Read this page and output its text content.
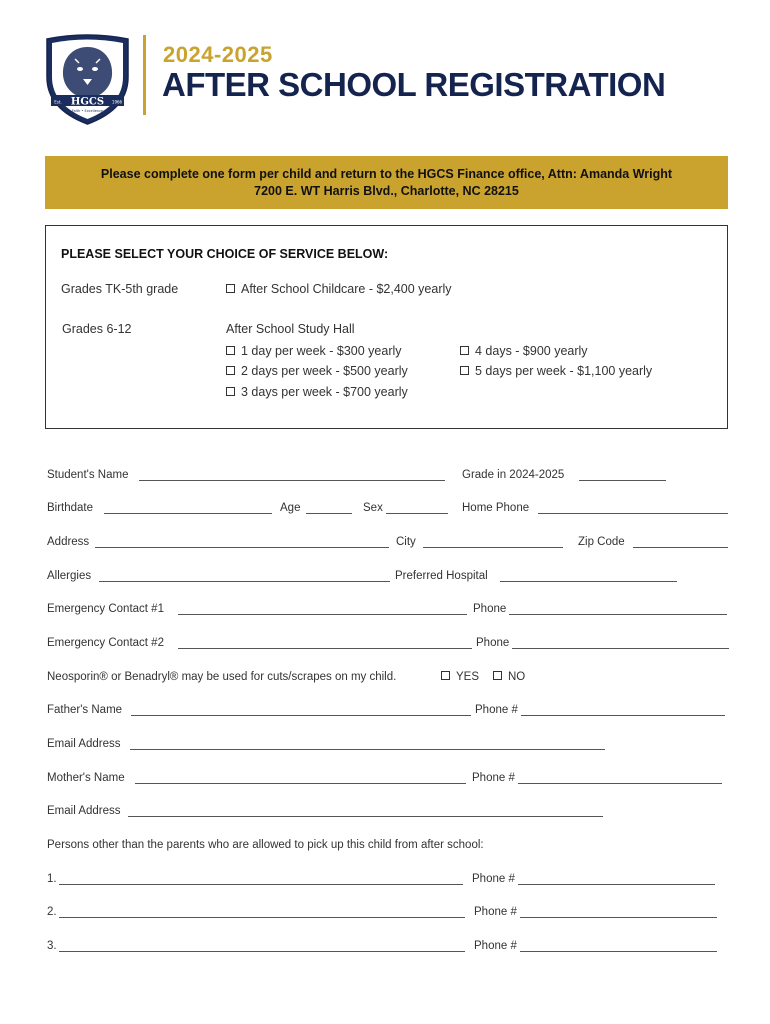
HGCS
Est.	1966
Faith • Excellence
2024-2025
AFTER SCHOOL REGISTRATION
Please complete one form per child and return to the HGCS Finance office, Attn: Amanda Wright
7200 E. WT Harris Blvd., Charlotte, NC 28215
PLEASE SELECT YOUR CHOICE OF SERVICE BELOW:
Grades TK-5th grade	After School Childcare - $2,400 yearly
Grades 6-12	After School Study Hall
1 day per week - $300 yearly
2 days per week - $500 yearly
3 days per week - $700 yearly
4 days - $900 yearly
5 days per week - $1,100 yearly
Student's Name	Grade in 2024-2025
Birthdate	Age	Sex	Home Phone
Address	City	Zip Code
Allergies	Preferred Hospital
Emergency Contact #1	Phone
Emergency Contact #2	Phone
Neosporin® or Benadryl® may be used for cuts/scrapes on my child.	YES	NO
Father's Name	Phone #
Email Address
Mother's Name	Phone #
Email Address
Persons other than the parents who are allowed to pick up this child from after school:
1.	Phone #
2.	Phone #
3.	Phone #
